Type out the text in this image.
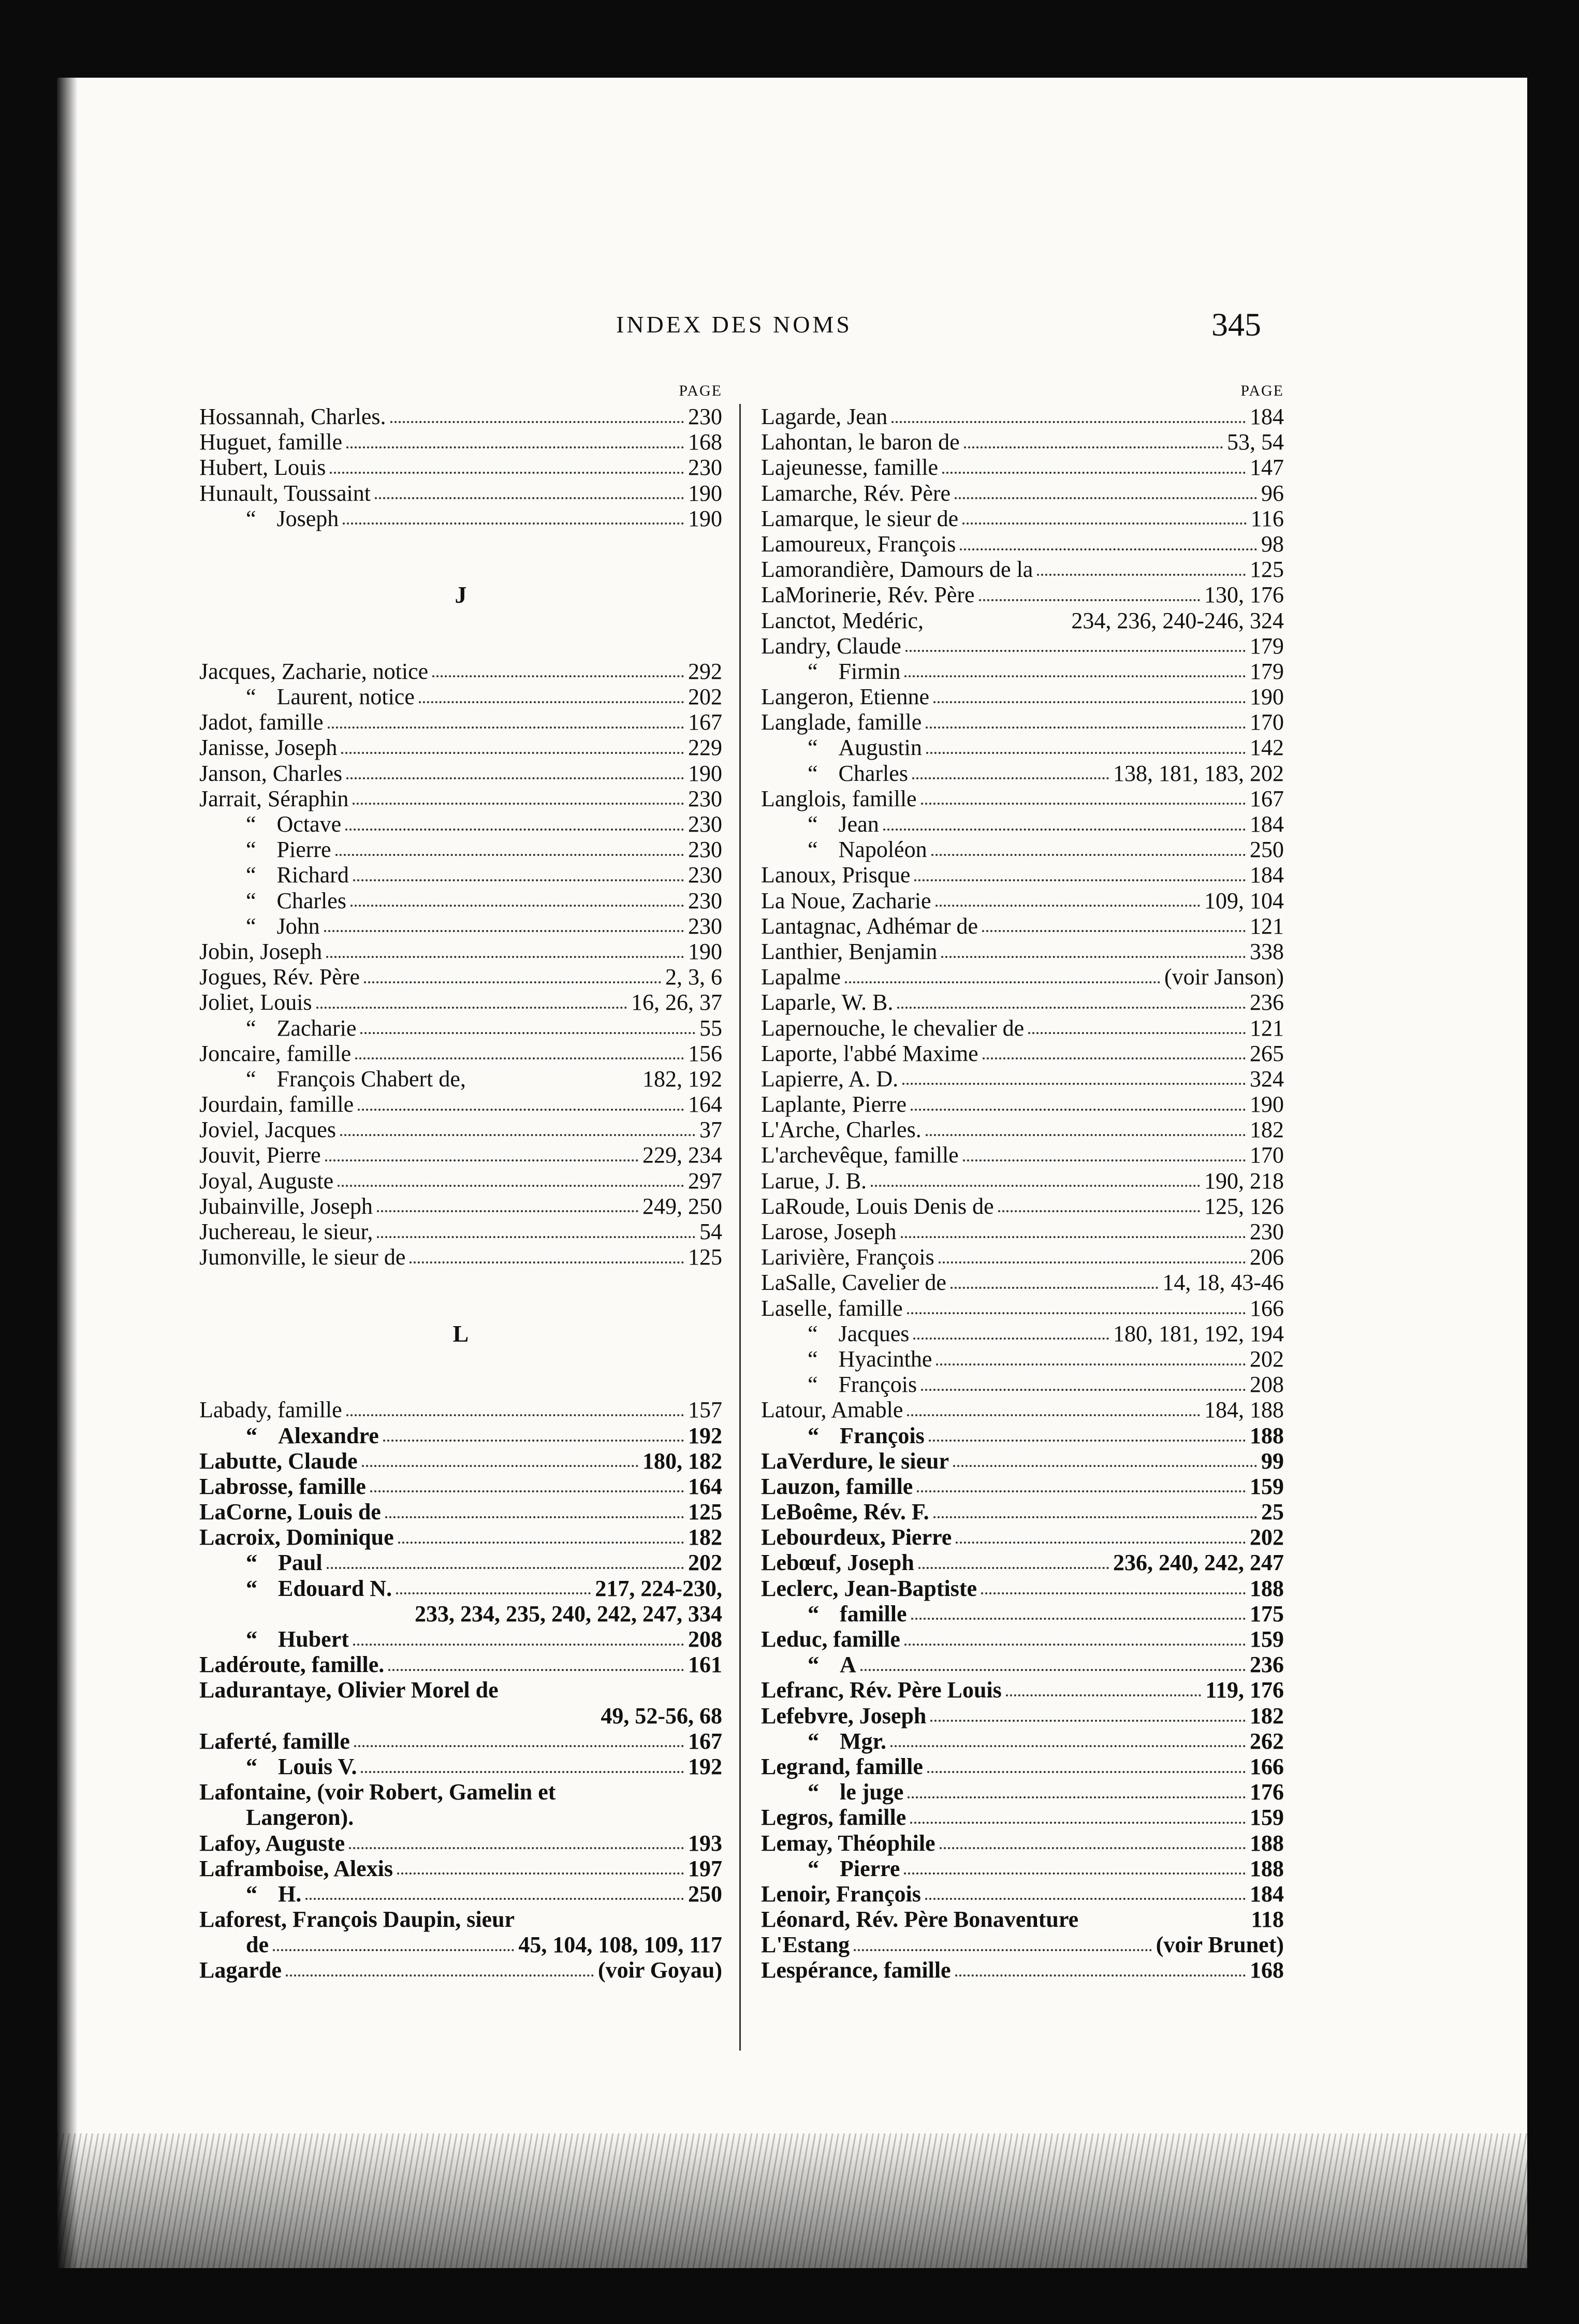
INDEX DES NOMS	345
PAGE
Hossannah, Charles.	230
Huguet, famille	168
Hubert, Louis	230
Hunault, Toussaint	190
“ Joseph	190
J
Jacques, Zacharie, notice	292
“ Laurent, notice	202
Jadot, famille	167
Janisse, Joseph	229
Janson, Charles	190
Jarrait, Séraphin	230
“ Octave	230
“ Pierre	230
“ Richard	230
“ Charles	230
“ John	230
Jobin, Joseph	190
Jogues, Rév. Père	2, 3, 6
Joliet, Louis	16, 26, 37
“ Zacharie	55
Joncaire, famille	156
“ François Chabert de,	182, 192
Jourdain, famille	164
Joviel, Jacques	37
Jouvit, Pierre	229, 234
Joyal, Auguste	297
Jubainville, Joseph	249, 250
Juchereau, le sieur,	54
Jumonville, le sieur de	125
L
Labady, famille	157
“ Alexandre	192
Labutte, Claude	180, 182
Labrosse, famille	164
LaCorne, Louis de	125
Lacroix, Dominique	182
“ Paul	202
“ Edouard N.	217, 224-230,
233, 234, 235, 240, 242, 247, 334
“ Hubert	208
Ladéroute, famille.	161
Ladurantaye, Olivier Morel de
49, 52-56, 68
Laferté, famille	167
“ Louis V.	192
Lafontaine, (voir Robert, Gamelin et
Langeron).
Lafoy, Auguste	193
Laframboise, Alexis	197
“ H.	250
Laforest, François Daupin, sieur
de	45, 104, 108, 109, 117
Lagarde	(voir Goyau)
PAGE
Lagarde, Jean	184
Lahontan, le baron de	53, 54
Lajeunesse, famille	147
Lamarche, Rév. Père	96
Lamarque, le sieur de	116
Lamoureux, François	98
Lamorandière, Damours de la	125
LaMorinerie, Rév. Père	130, 176
Lanctot, Medéric,	234, 236, 240-246, 324
Landry, Claude	179
“ Firmin	179
Langeron, Etienne	190
Langlade, famille	170
“ Augustin	142
“ Charles	138, 181, 183, 202
Langlois, famille	167
“ Jean	184
“ Napoléon	250
Lanoux, Prisque	184
La Noue, Zacharie	109, 104
Lantagnac, Adhémar de	121
Lanthier, Benjamin	338
Lapalme	(voir Janson)
Laparle, W. B.	236
Lapernouche, le chevalier de	121
Laporte, l'abbé Maxime	265
Lapierre, A. D.	324
Laplante, Pierre	190
L'Arche, Charles.	182
L'archevêque, famille	170
Larue, J. B.	190, 218
LaRoude, Louis Denis de	125, 126
Larose, Joseph	230
Larivière, François	206
LaSalle, Cavelier de	14, 18, 43-46
Laselle, famille	166
“ Jacques	180, 181, 192, 194
“ Hyacinthe	202
“ François	208
Latour, Amable	184, 188
“ François	188
LaVerdure, le sieur	99
Lauzon, famille	159
LeBoême, Rév. F.	25
Lebourdeux, Pierre	202
Lebœuf, Joseph	236, 240, 242, 247
Leclerc, Jean-Baptiste	188
“ famille	175
Leduc, famille	159
“ A	236
Lefranc, Rév. Père Louis	119, 176
Lefebvre, Joseph	182
“ Mgr.	262
Legrand, famille	166
“ le juge	176
Legros, famille	159
Lemay, Théophile	188
“ Pierre	188
Lenoir, François	184
Léonard, Rév. Père Bonaventure	118
L'Estang	(voir Brunet)
Lespérance, famille	168
